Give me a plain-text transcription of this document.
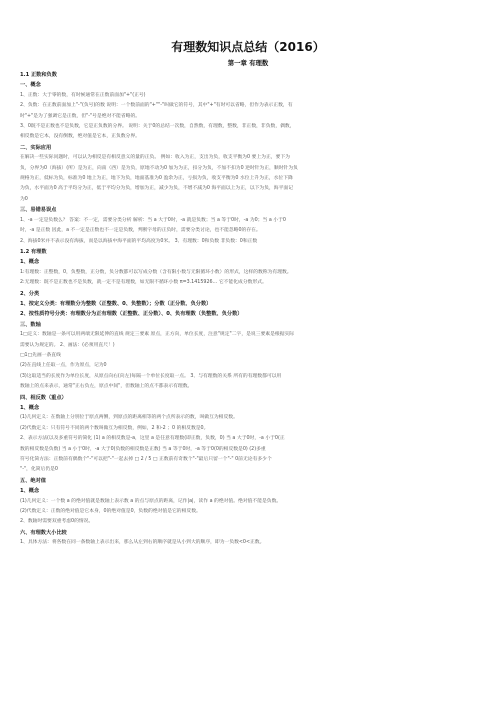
有理数知识点总结（2016）
第一章 有理数
1.1 正数和负数
一、概念
1、正数：大于零的数，有时候通常在正数前面加"+"(正号)
2、负数：在正数前面加上"-"(负号)的数 说明：一个数前面的"+""-"叫做它的符号，其中"+"有时可以省略，但作为表示正数，有
时"+"是为了强调它是正数，但"-"号是绝对不能省略的。
3、0既不是正数也不是负数，它是正负数的分界。 说明：关于0的总结一次数，自然数，有理数，整数，非正数，非负数，偶数，
相反数是它本，没有倒数，绝对值是它本，正负数分界。
二、实际应用
在解决一些实际问题时，可以认为相反是有相反意义的量的正负。 例如：收入为正，支出为负，收支平衡为0 要上为正，要下为
负，分界为0（海拔）(所）是为正，向南（西）是为负，原地不动为0 加为为正，扣分为负，不加不扣为0 逆时针为正，顺时针为负
规格为正，低标为负，标准为0 地上为正，地下为负，地面基准为0 盈余为正，亏损为负，收支平衡为0 水位上升为正，水位下降
为负，水平面为0 高于平均分为正，低于平均分为负，增加为正，减少为负，不增不减为0 海平面以上为正，以下为负，海平面记
为0
三、易错易误点
1、-a 一定是负数么？ 答案：不一定，需要分类分析 解析：当 a 大于0时，-a 就是负数；当 a 等于0时，-a 为0；当 a 小于0
时，-a 是正数 因此，a 不一定是正数也不一定是负数，判断字母的正负时，需要分类讨论，也不能忽略0的存在。
2、海拔0米并不表示没有海拔，而是以海拔中海平面的平均高度为0米。 3、有理数：0和负数 非负数：0和正数
1.2 有理数
1、概念
1:有理数：正整数，0，负整数，正分数，负分数都可以写成分数（含有限小数与无限循环小数）的形式，这样的数称为有理数。
2:无理数：既不是正数也不是负数，就一定不是有理数，如无限不循环小数 π=3.1415926… 它不能化成分数形式。
2、分类
1、按定义分类：有理数分为整数（正整数、0、负整数）；分数（正分数、负分数）
2、按性质符号分类：有理数分为正有理数（正整数、正分数）、0、负有理数（负整数、负分数）
三、数轴
1□定义：数轴是一条可以用两端无限延伸的直线 规定三要素 原点，正方向，单位长度，注意"规定"二字，是说三要素是根据实际
需要认为规定的。 2、画法：(必须用直尺！)
□1□先画一条直线
(2)在直线上任取一点，作为原点，记为0
(3)这取适当的长度作为单位长度，从原点向右(向左)每隔一个单位长度取一点。 3、与有理数的关系 所有的有理数都可以用
数轴上的点来表示，通常"正右负左，原点中间"，但数轴上的点不都表示有理数。
四、相反数（重点）
1、概念
(1)几何定义：在数轴上分别位于原点两侧，到原点的距离相等的两个点所表示的数，叫做互为相反数。
(2)代数定义：只有符号不同的两个数叫做互为相反数，例如，2 和-2 ；0 的相反数是0。
2、表示方法(以及多重符号的简化 (1) a 的相反数是-a，这里 a 是任意有理数(即正数，负数，0) 当 a 大于0时，-a 小于0(正
数的相反数是负数) 当 a 小于0时，-a 大于0(负数的相反数是正数) 当 a 等于0时，-a 等于0(0的相反数是0) (2)多重
符号化简方法：正数前有偶数个"-"可以把"-"一起去掉 □ 2 / 5 □ 正数前有奇数个"-"最后只留一个"-" 0前无论有多少个
"-"，化简后仍是0
五、绝对值
1、概念
(1)几何定义：一个数 a 的绝对值就是数轴上表示数 a 的点与原点的距离，记作|a|，读作 a 的绝对值。绝对值不能是负数。
(2)代数定义：正数的绝对值是它本身，0的绝对值是0，负数的绝对值是它的相反数。
2、数轴时需要双重考虑0的情况。
六、有理数大小比较
1、具体方法：将各数在同一条数轴上表示出来，那么从左到右的顺序就是从小到大的顺序，即为一负数<0<正数。
